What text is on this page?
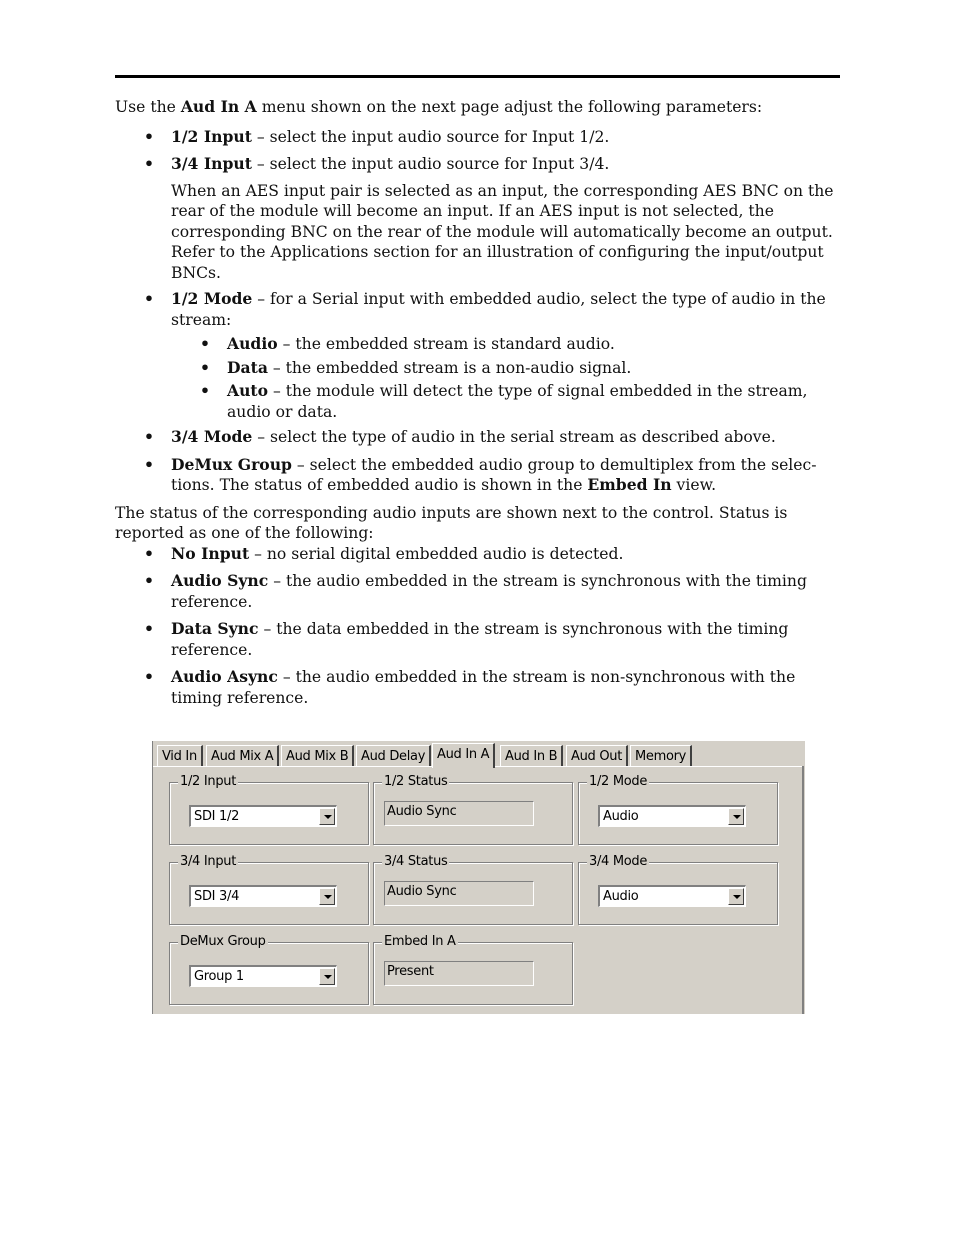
Use the Aud In A menu shown on the next page adjust the following parameters:

• 1/2 Input – select the input audio source for Input 1/2.
• 3/4 Input – select the input audio source for Input 3/4.

When an AES input pair is selected as an input, the corresponding AES BNC on the rear of the module will become an input. If an AES input is not selected, the corresponding BNC on the rear of the module will automatically become an output. Refer to the Applications section for an illustration of configuring the input/output BNCs.

• 1/2 Mode – for a Serial input with embedded audio, select the type of audio in the stream:
• Audio – the embedded stream is standard audio.
• Data – the embedded stream is a non-audio signal.
• Auto – the module will detect the type of signal embedded in the stream, audio or data.
• 3/4 Mode – select the type of audio in the serial stream as described above.
• DeMux Group – select the embedded audio group to demultiplex from the selec-tions. The status of embedded audio is shown in the Embed In view.

The status of the corresponding audio inputs are shown next to the control. Status is reported as one of the following:

• No Input – no serial digital embedded audio is detected.
• Audio Sync – the audio embedded in the stream is synchronous with the timing reference.
• Data Sync – the data embedded in the stream is synchronous with the timing reference.
• Audio Async – the audio embedded in the stream is non-synchronous with the timing reference.
Vid In	Aud Mix A Aud Mix B Aud Delay Aud In A	Aud In B	Aud Out	Memory
1/2 Input
SDI 1/2
1/2 Status
Audio Sync
1/2 Mode
Audio
3/4 Input
SDI 3/4
3/4 Status
Audio Sync
3/4 Mode
Audio
DeMux Group
Group 1
Embed In A
Present
